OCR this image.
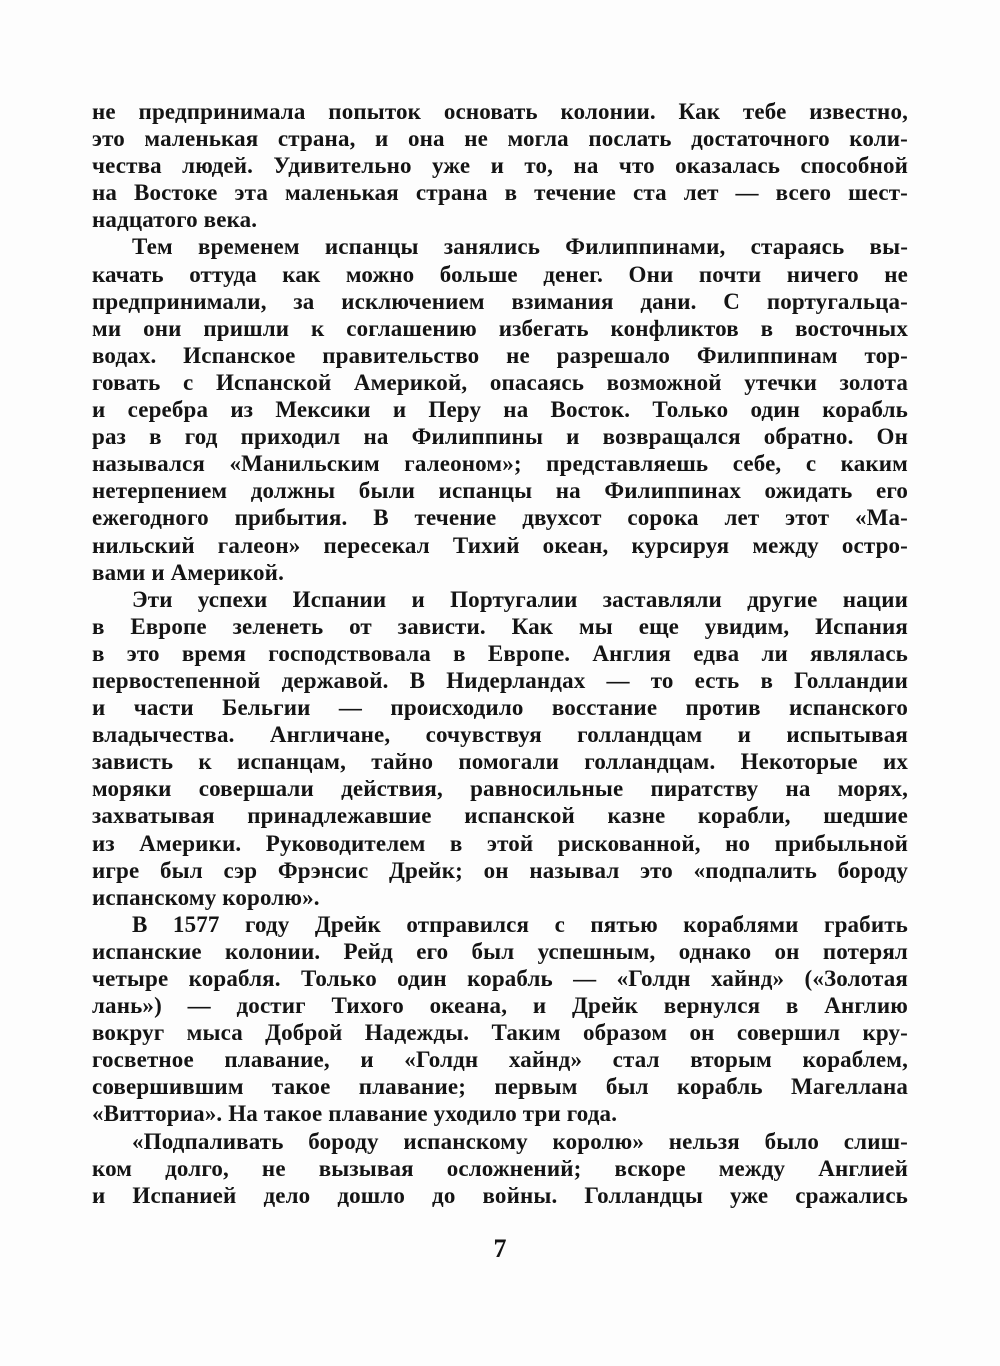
не предпринимала попыток основать колонии. Как тебе известно,
это маленькая страна, и она не могла послать достаточного коли-
чества людей. Удивительно уже и то, на что оказалась способной
на Востоке эта маленькая страна в течение ста лет — всего шест-
надцатого века.
Тем временем испанцы занялись Филиппинами, стараясь вы-
качать оттуда как можно больше денег. Они почти ничего не
предпринимали, за исключением взимания дани. С португальца-
ми они пришли к соглашению избегать конфликтов в восточных
водах. Испанское правительство не разрешало Филиппинам тор-
говать с Испанской Америкой, опасаясь возможной утечки золота
и серебра из Мексики и Перу на Восток. Только один корабль
раз в год приходил на Филиппины и возвращался обратно. Он
назывался «Манильским галеоном»; представляешь себе, с каким
нетерпением должны были испанцы на Филиппинах ожидать его
ежегодного прибытия. В течение двухсот сорока лет этот «Ма-
нильский галеон» пересекал Тихий океан, курсируя между остро-
вами и Америкой.
Эти успехи Испании и Португалии заставляли другие нации
в Европе зеленеть от зависти. Как мы еще увидим, Испания
в это время господствовала в Европе. Англия едва ли являлась
первостепенной державой. В Нидерландах — то есть в Голландии
и части Бельгии — происходило восстание против испанского
владычества. Англичане, сочувствуя голландцам и испытывая
зависть к испанцам, тайно помогали голландцам. Некоторые их
моряки совершали действия, равносильные пиратству на морях,
захватывая принадлежавшие испанской казне корабли, шедшие
из Америки. Руководителем в этой рискованной, но прибыльной
игре был сэр Фрэнсис Дрейк; он называл это «подпалить бороду
испанскому королю».
В 1577 году Дрейк отправился с пятью кораблями грабить
испанские колонии. Рейд его был успешным, однако он потерял
четыре корабля. Только один корабль — «Голдн хайнд» («Золотая
лань») — достиг Тихого океана, и Дрейк вернулся в Англию
вокруг мыса Доброй Надежды. Таким образом он совершил кру-
госветное плавание, и «Голдн хайнд» стал вторым кораблем,
совершившим такое плавание; первым был корабль Магеллана
«Витториа». На такое плавание уходило три года.
«Подпаливать бороду испанскому королю» нельзя было слиш-
ком долго, не вызывая осложнений; вскоре между Англией
и Испанией дело дошло до войны. Голландцы уже сражались
7
